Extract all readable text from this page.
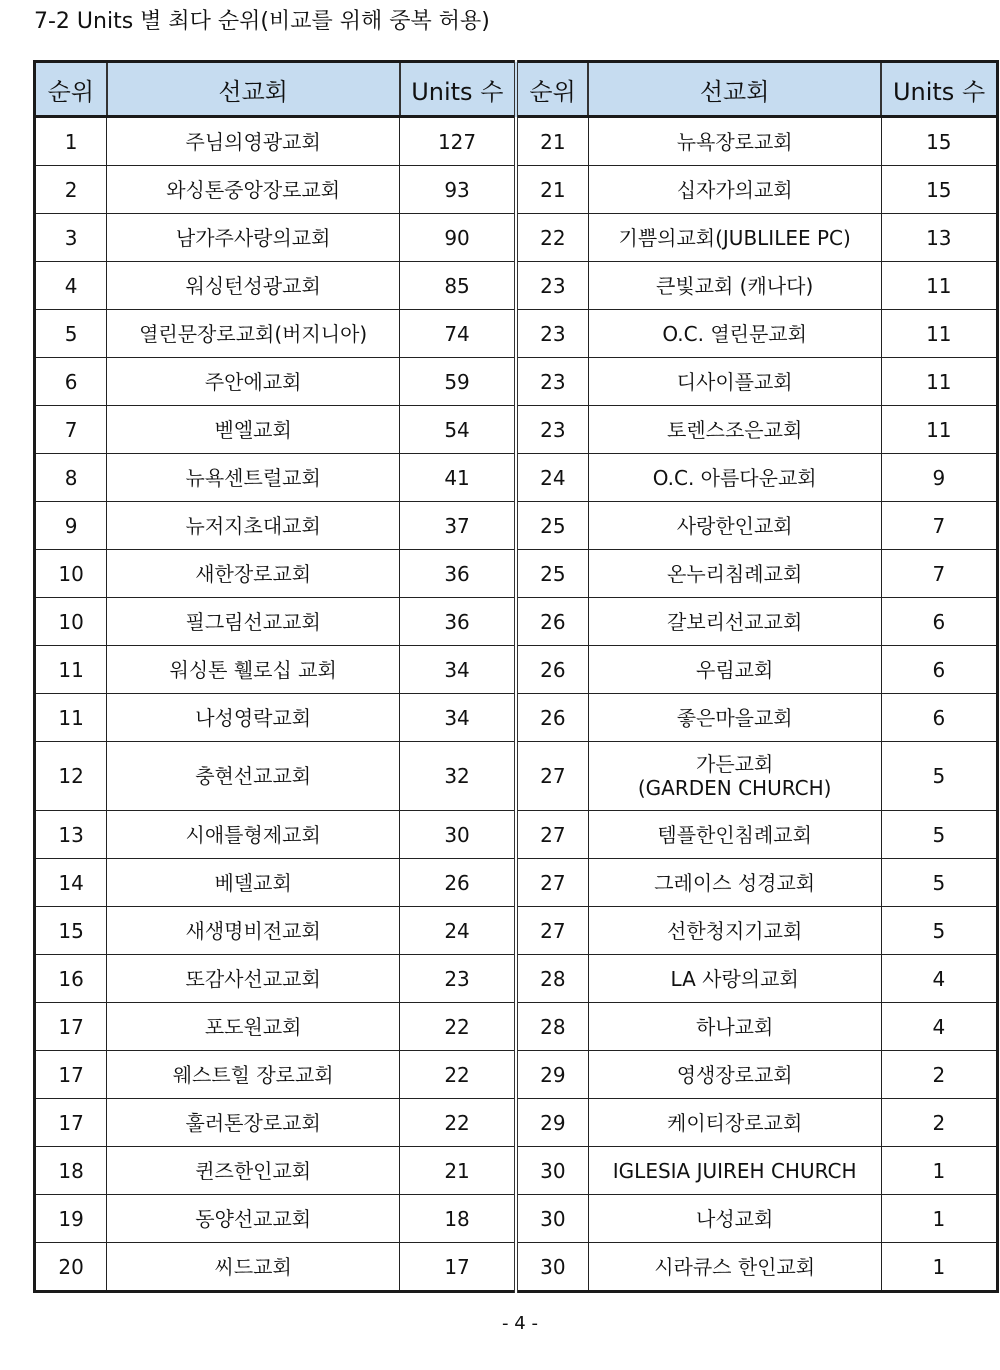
7-2 Units 별 최다 순위(비교를 위해 중복 허용)
순위	선교회	Units 수	순위	선교회	Units 수
1	주님의영광교회	127	21	뉴욕장로교회	15
2	와싱톤중앙장로교회	93	21	십자가의교회	15
3	남가주사랑의교회	90	22	기쁨의교회(JUBLILEE PC)	13
4	워싱턴성광교회	85	23	큰빛교회 (캐나다)	11
5	열린문장로교회(버지니아)	74	23	O.C. 열린문교회	11
6	주안에교회	59	23	디사이플교회	11
7	벧엘교회	54	23	토렌스조은교회	11
8	뉴욕센트럴교회	41	24	O.C. 아름다운교회	9
9	뉴저지초대교회	37	25	사랑한인교회	7
10	새한장로교회	36	25	온누리침례교회	7
10	필그림선교교회	36	26	갈보리선교교회	6
11	워싱톤 휄로십 교회	34	26	우림교회	6
11	나성영락교회	34	26	좋은마을교회	6
12	충현선교교회	32	27	가든교회
(GARDEN CHURCH)	5
13	시애틀형제교회	30	27	템플한인침례교회	5
14	베델교회	26	27	그레이스 성경교회	5
15	새생명비전교회	24	27	선한청지기교회	5
16	또감사선교교회	23	28	LA 사랑의교회	4
17	포도원교회	22	28	하나교회	4
17	웨스트힐 장로교회	22	29	영생장로교회	2
17	훌러톤장로교회	22	29	케이티장로교회	2
18	퀸즈한인교회	21	30	IGLESIA JUIREH CHURCH	1
19	동양선교교회	18	30	나성교회	1
20	씨드교회	17	30	시라큐스 한인교회	1
- 4 -
